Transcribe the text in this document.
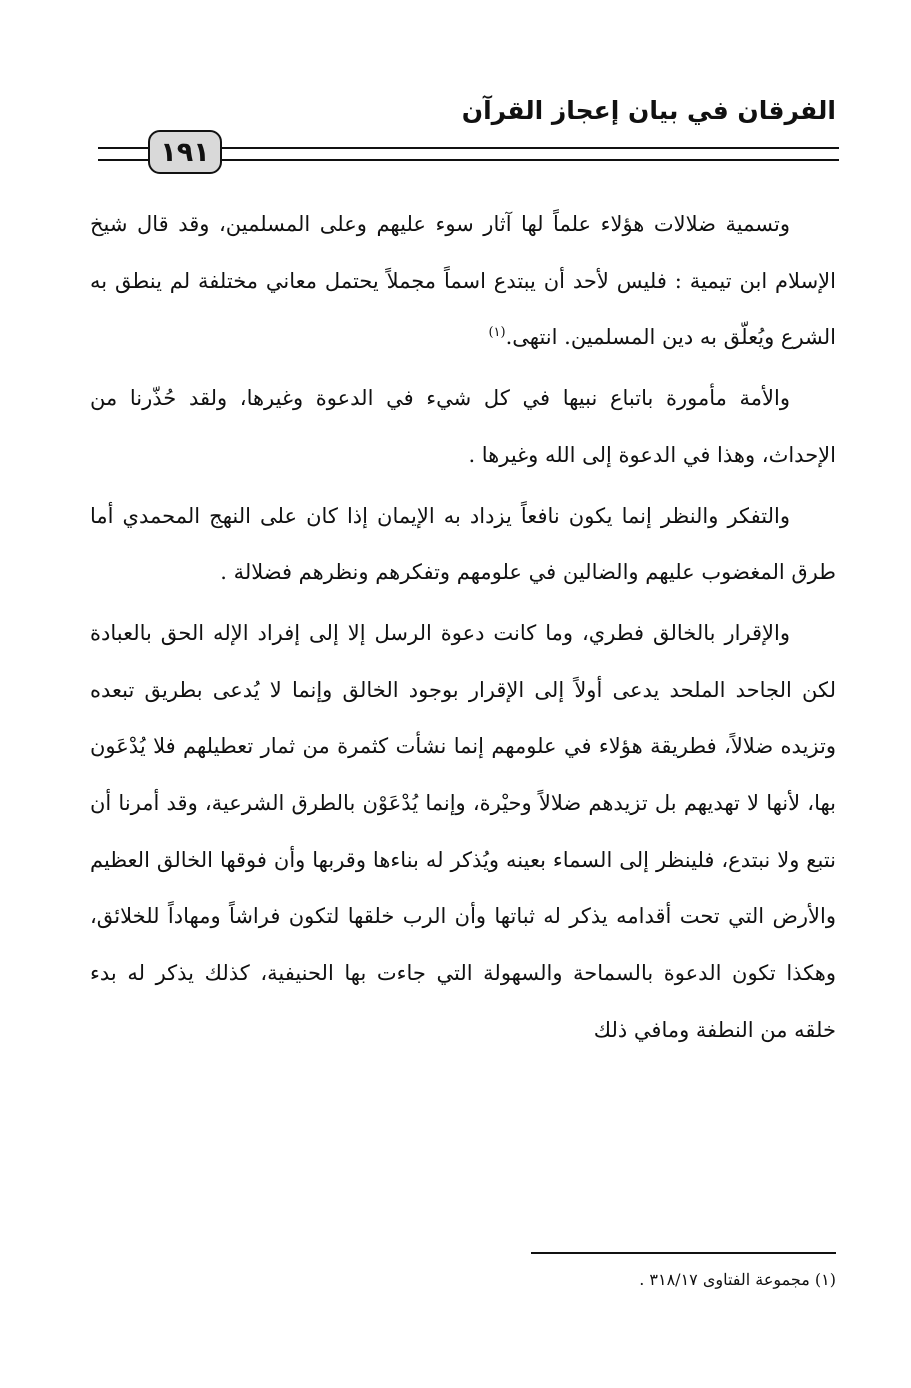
الفرقان في بيان إعجاز القرآن
١٩١

وتسمية ضلالات هؤلاء علماً لها آثار سوء عليهم وعلى المسلمين، وقد قال شيخ الإسلام ابن تيمية : فليس لأحد أن يبتدع اسماً مجملاً يحتمل معاني مختلفة لم ينطق به الشرع ويُعلّق به دين المسلمين. انتهى.$^{(١)}$

والأمة مأمورة باتباع نبيها في كل شيء في الدعوة وغيرها، ولقد حُذّرنا من الإحداث، وهذا في الدعوة إلى الله وغيرها .

والتفكر والنظر إنما يكون نافعاً يزداد به الإيمان إذا كان على النهج المحمدي أما طرق المغضوب عليهم والضالين في علومهم وتفكرهم ونظرهم فضلالة .

والإقرار بالخالق فطري، وما كانت دعوة الرسل إلا إلى إفراد الإله الحق بالعبادة لكن الجاحد الملحد يدعى أولاً إلى الإقرار بوجود الخالق وإنما لا يُدعى بطريق تبعده وتزيده ضلالاً، فطريقة هؤلاء في علومهم إنما نشأت كثمرة من ثمار تعطيلهم فلا يُدْعَون بها، لأنها لا تهديهم بل تزيدهم ضلالاً وحيْرة، وإنما يُدْعَوْن بالطرق الشرعية، وقد أمرنا أن نتبع ولا نبتدع، فلينظر إلى السماء بعينه ويُذكر له بناءها وقربها وأن فوقها الخالق العظيم والأرض التي تحت أقدامه يذكر له ثباتها وأن الرب خلقها لتكون فراشاً ومهاداً للخلائق، وهكذا تكون الدعوة بالسماحة والسهولة التي جاءت بها الحنيفية، كذلك يذكر له بدء خلقه من النطفة ومافي ذلك

(١) مجموعة الفتاوى ٣١٨/١٧ .
